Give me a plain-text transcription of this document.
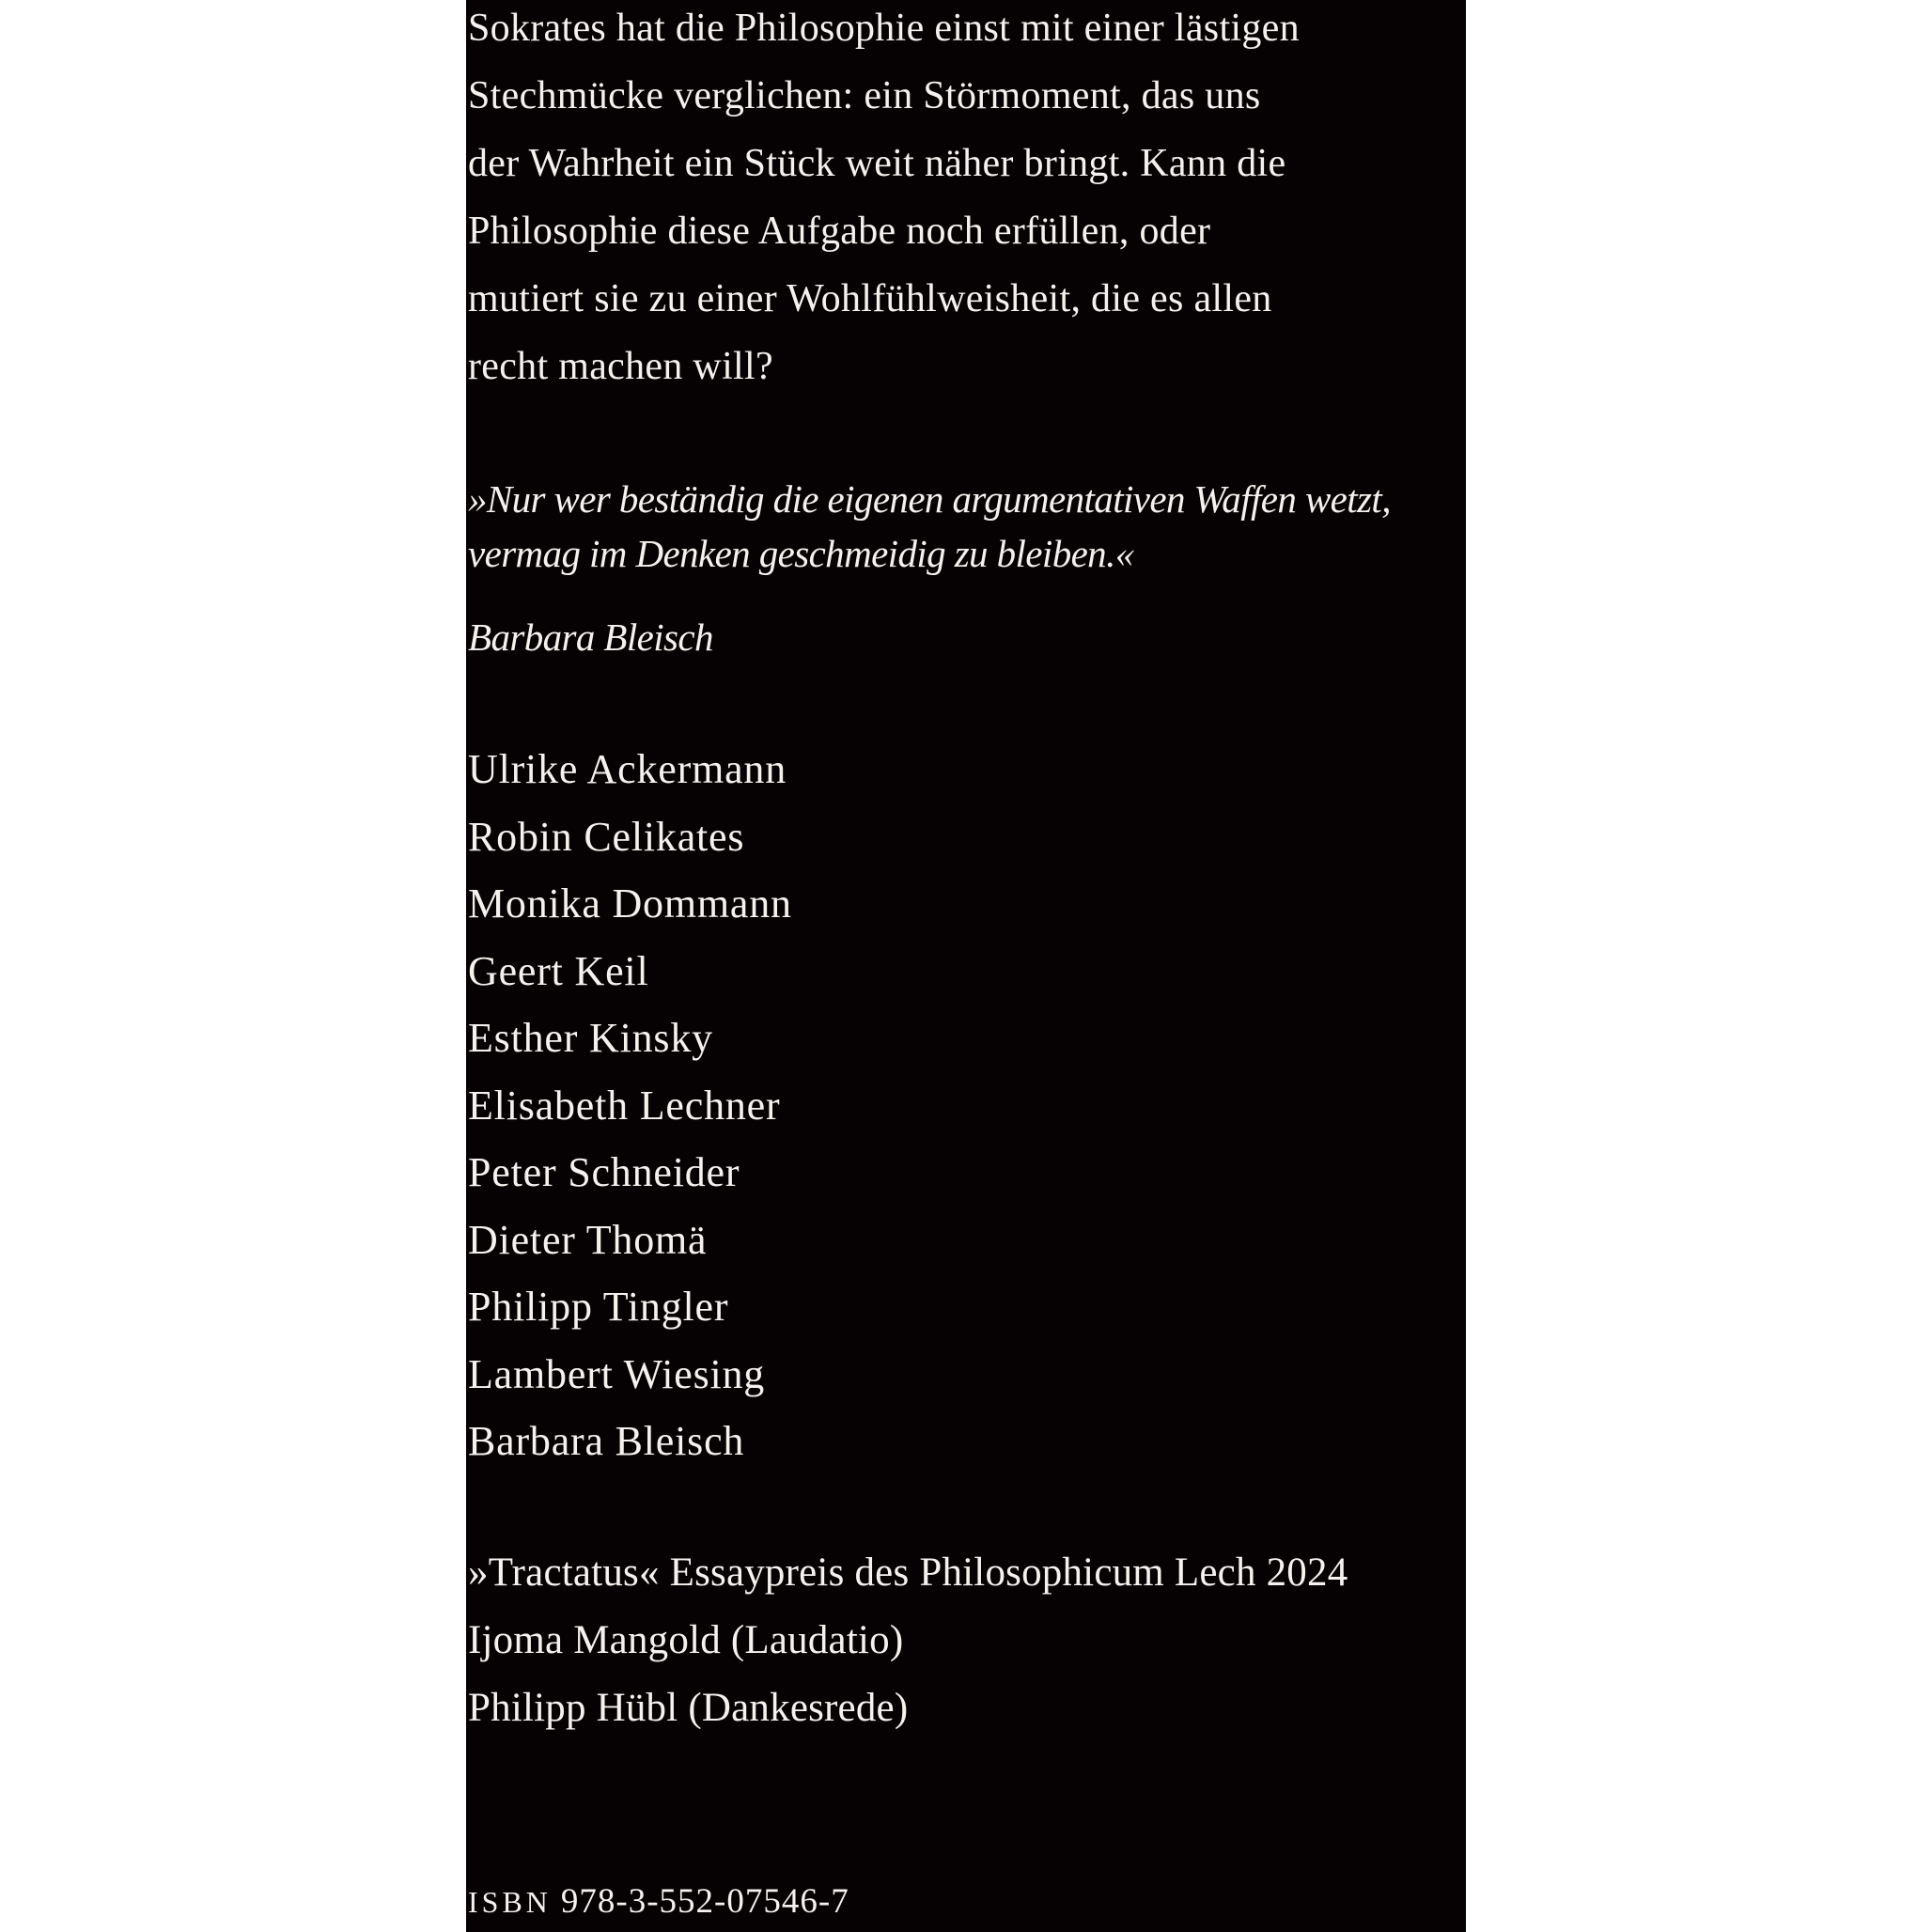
Sokrates hat die Philosophie einst mit einer lästigen
Stechmücke verglichen: ein Störmoment, das uns
der Wahrheit ein Stück weit näher bringt. Kann die
Philosophie diese Aufgabe noch erfüllen, oder
mutiert sie zu einer Wohlfühlweisheit, die es allen
recht machen will?
»Nur wer beständig die eigenen argumentativen Waffen wetzt,
vermag im Denken geschmeidig zu bleiben.«
Barbara Bleisch
Ulrike Ackermann
Robin Celikates
Monika Dommann
Geert Keil
Esther Kinsky
Elisabeth Lechner
Peter Schneider
Dieter Thomä
Philipp Tingler
Lambert Wiesing
Barbara Bleisch
»Tractatus« Essaypreis des Philosophicum Lech 2024
Ijoma Mangold (Laudatio)
Philipp Hübl (Dankesrede)
ISBN 978-3-552-07546-7
